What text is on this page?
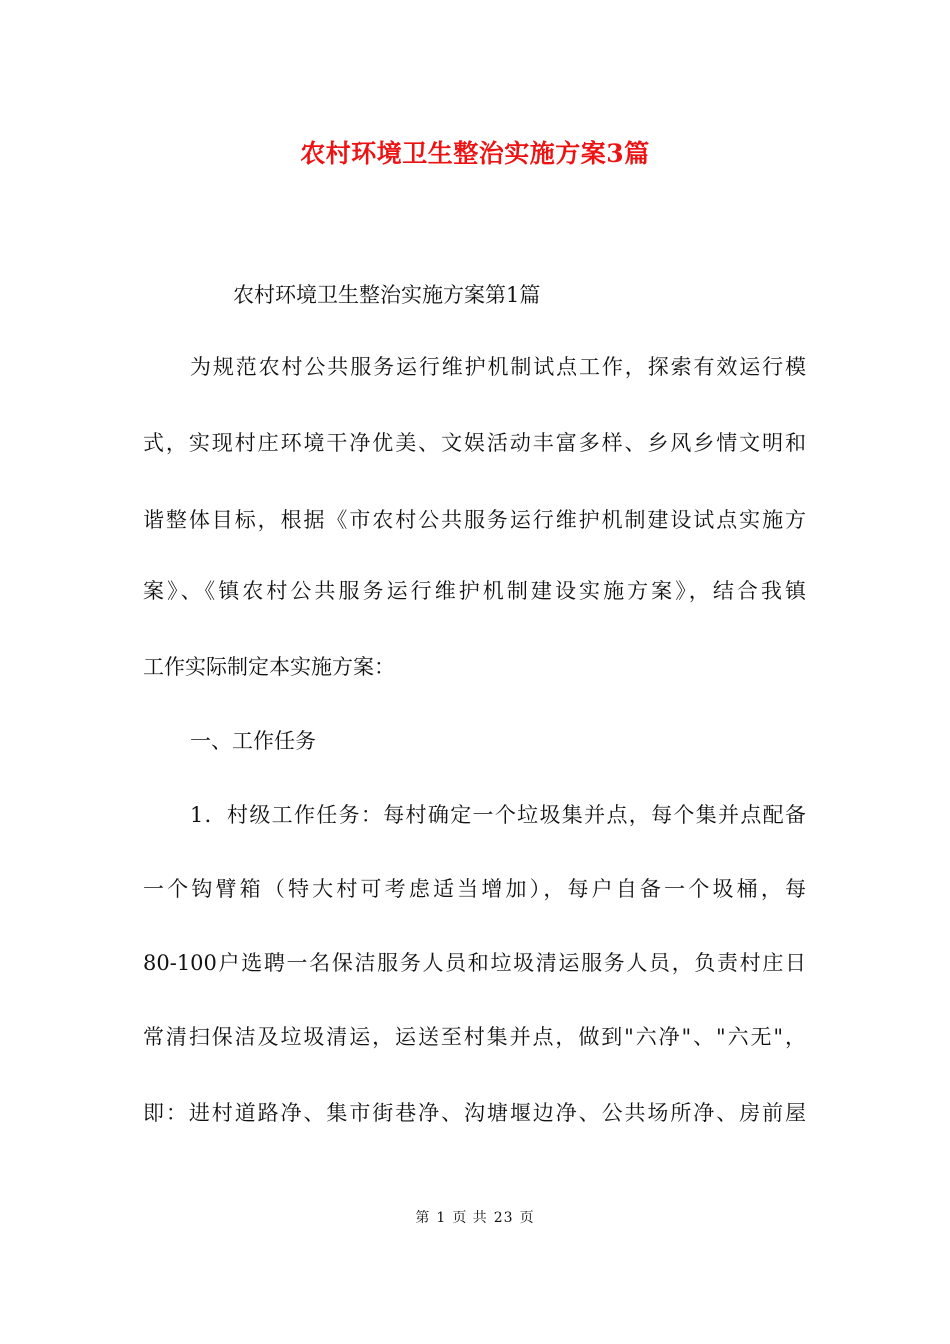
农村环境卫生整治实施方案3篇
农村环境卫生整治实施方案第1篇
为规范农村公共服务运行维护机制试点工作，探索有效运行模
式，实现村庄环境干净优美、文娱活动丰富多样、乡风乡情文明和
谐整体目标，根据《市农村公共服务运行维护机制建设试点实施方
案》、《镇农村公共服务运行维护机制建设实施方案》，结合我镇
工作实际制定本实施方案：
一、工作任务
1．村级工作任务：每村确定一个垃圾集并点，每个集并点配备
一个钩臂箱（特大村可考虑适当增加），每户自备一个圾桶，每
80-100户选聘一名保洁服务人员和垃圾清运服务人员，负责村庄日
常清扫保洁及垃圾清运，运送至村集并点，做到"六净"、"六无"，
即：进村道路净、集市街巷净、沟塘堰边净、公共场所净、房前屋
第 1 页 共 23 页
